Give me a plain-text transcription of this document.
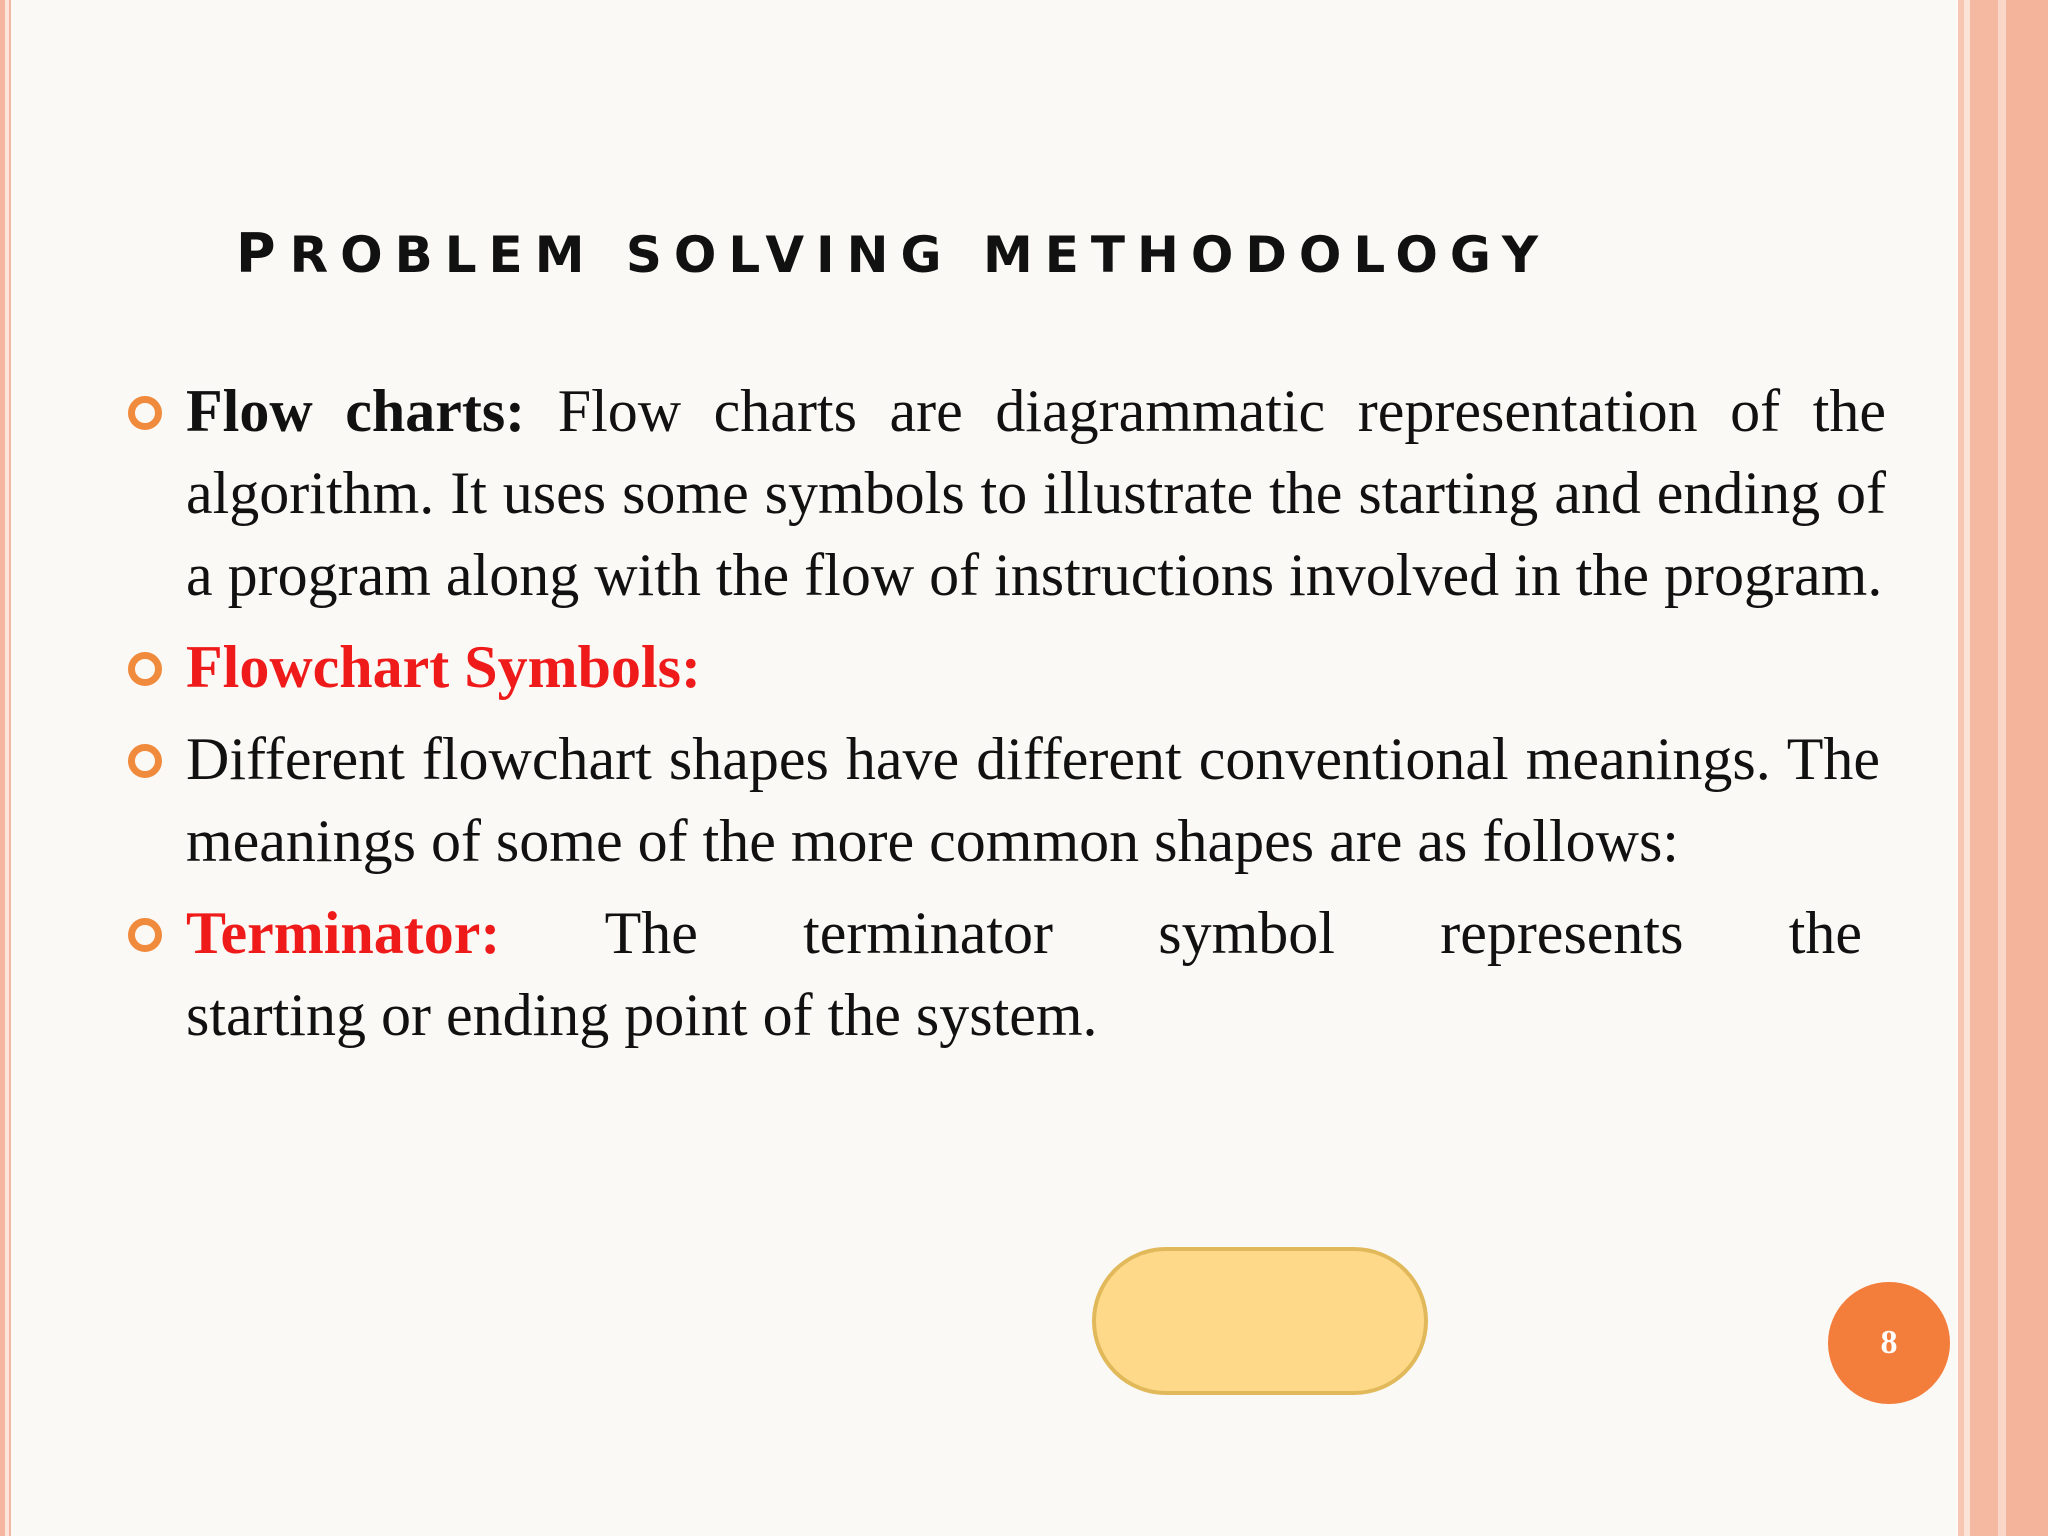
PROBLEM SOLVING METHODOLOGY
Flow charts: Flow charts are diagrammatic representation of the algorithm. It uses some symbols to illustrate the starting and ending of a program along with the flow of instructions involved in the program.
Flowchart Symbols:
Different flowchart shapes have different conventional meanings. The meanings of some of the more common shapes are as follows:
Terminator: The terminator symbol represents the
starting or ending point of the system.
8
